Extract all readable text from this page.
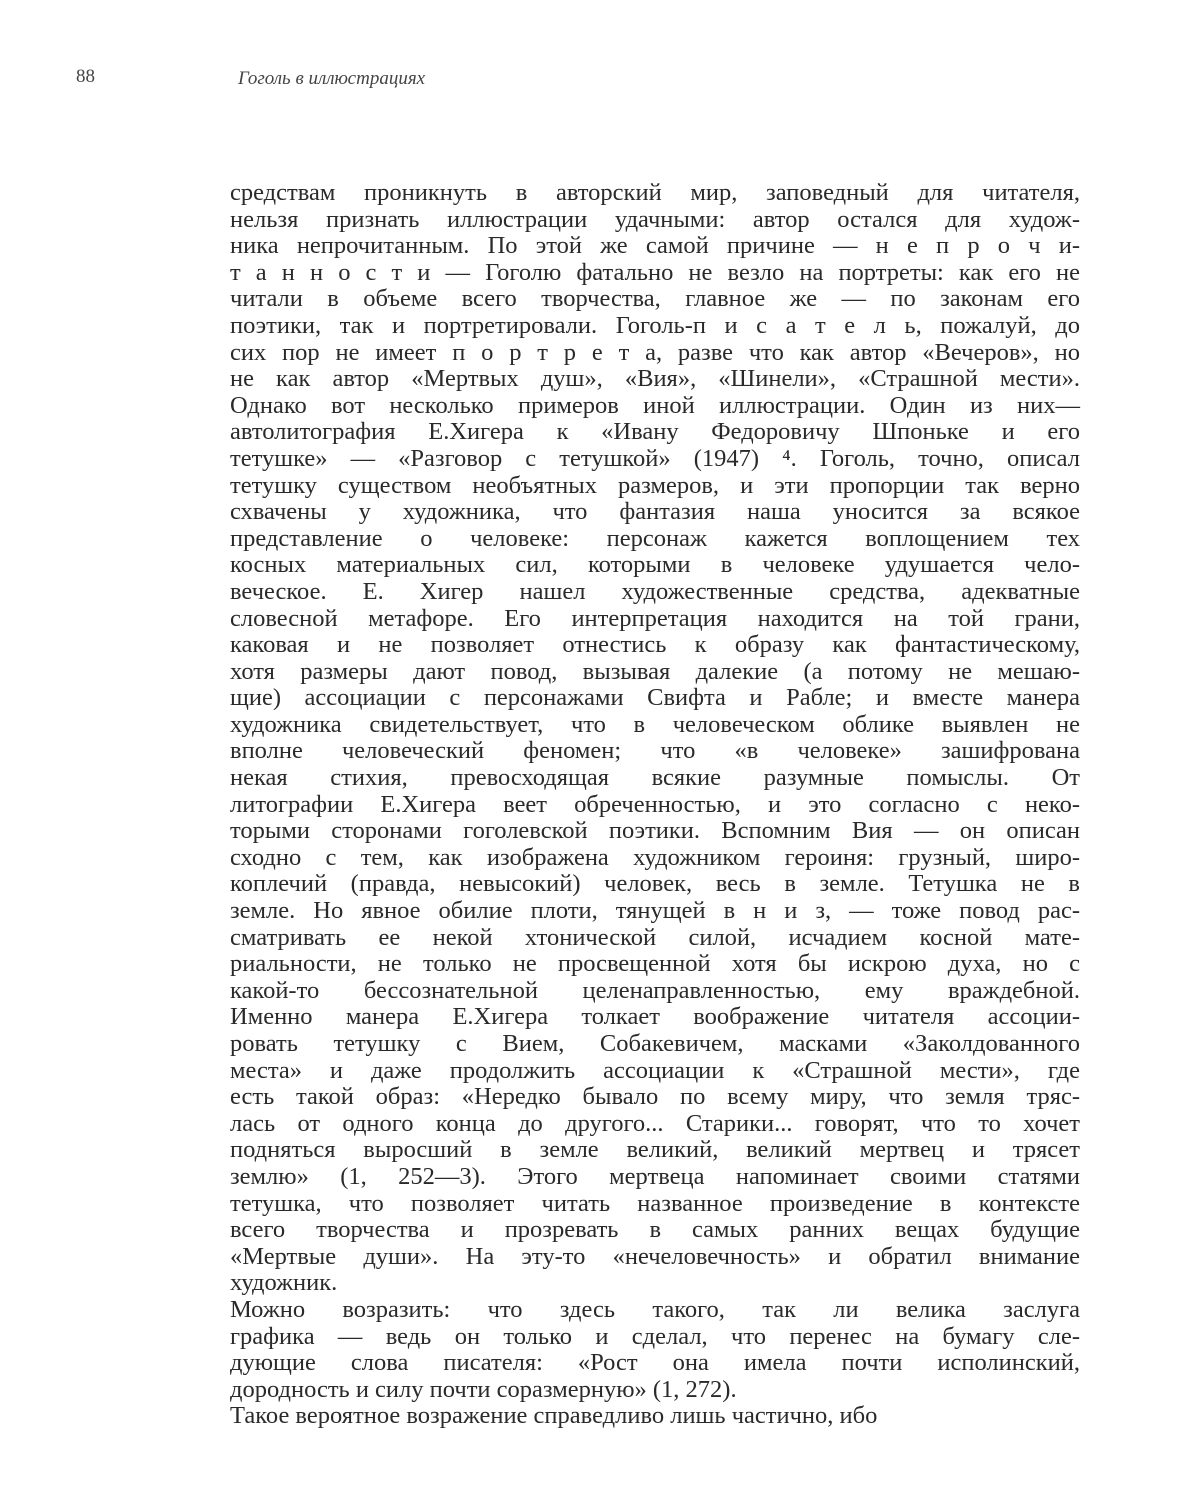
88	Гоголь в иллюстрациях
средствам проникнуть в авторский мир, заповедный для читателя,
нельзя признать иллюстрации удачными: автор остался для худож-
ника непрочитанным. По этой же самой причине — н е п р о ч и-
т а н н о с т и — Гоголю фатально не везло на портреты: как его не
читали в объеме всего творчества, главное же — по законам его
поэтики, так и портретировали. Гоголь-п и с а т е л ь, пожалуй, до
сих пор не имеет п о р т р е т а, разве что как автор «Вечеров», но
не как автор «Мертвых душ», «Вия», «Шинели», «Страшной мести».
Однако вот несколько примеров иной иллюстрации. Один из них—
автолитография Е.Хигера к «Ивану Федоровичу Шпоньке и его
тетушке» — «Разговор с тетушкой» (1947) ⁴. Гоголь, точно, описал
тетушку существом необъятных размеров, и эти пропорции так верно
схвачены у художника, что фантазия наша уносится за всякое
представление о человеке: персонаж кажется воплощением тех
косных материальных сил, которыми в человеке удушается чело-
веческое. Е. Хигер нашел художественные средства, адекватные
словесной метафоре. Его интерпретация находится на той грани,
каковая и не позволяет отнестись к образу как фантастическому,
хотя размеры дают повод, вызывая далекие (а потому не мешаю-
щие) ассоциации с персонажами Свифта и Рабле; и вместе манера
художника свидетельствует, что в человеческом облике выявлен не
вполне человеческий феномен; что «в человеке» зашифрована
некая стихия, превосходящая всякие разумные помыслы. От
литографии Е.Хигера веет обреченностью, и это согласно с неко-
торыми сторонами гоголевской поэтики. Вспомним Вия — он описан
сходно с тем, как изображена художником героиня: грузный, широ-
коплечий (правда, невысокий) человек, весь в земле. Тетушка не в
земле. Но явное обилие плоти, тянущей в н и з, — тоже повод рас-
сматривать ее некой хтонической силой, исчадием косной мате-
риальности, не только не просвещенной хотя бы искрою духа, но с
какой-то бессознательной целенаправленностью, ему враждебной.
Именно манера Е.Хигера толкает воображение читателя ассоции-
ровать тетушку с Вием, Собакевичем, масками «Заколдованного
места» и даже продолжить ассоциации к «Страшной мести», где
есть такой образ: «Нередко бывало по всему миру, что земля тряс-
лась от одного конца до другого... Старики... говорят, что то хочет
подняться выросший в земле великий, великий мертвец и трясет
землю» (1, 252—3). Этого мертвеца напоминает своими статями
тетушка, что позволяет читать названное произведение в контексте
всего творчества и прозревать в самых ранних вещах будущие
«Мертвые души». На эту-то «нечеловечность» и обратил внимание
художник.
Можно возразить: что здесь такого, так ли велика заслуга
графика — ведь он только и сделал, что перенес на бумагу сле-
дующие слова писателя: «Рост она имела почти исполинский,
дородность и силу почти соразмерную» (1, 272).
Такое вероятное возражение справедливо лишь частично, ибо
